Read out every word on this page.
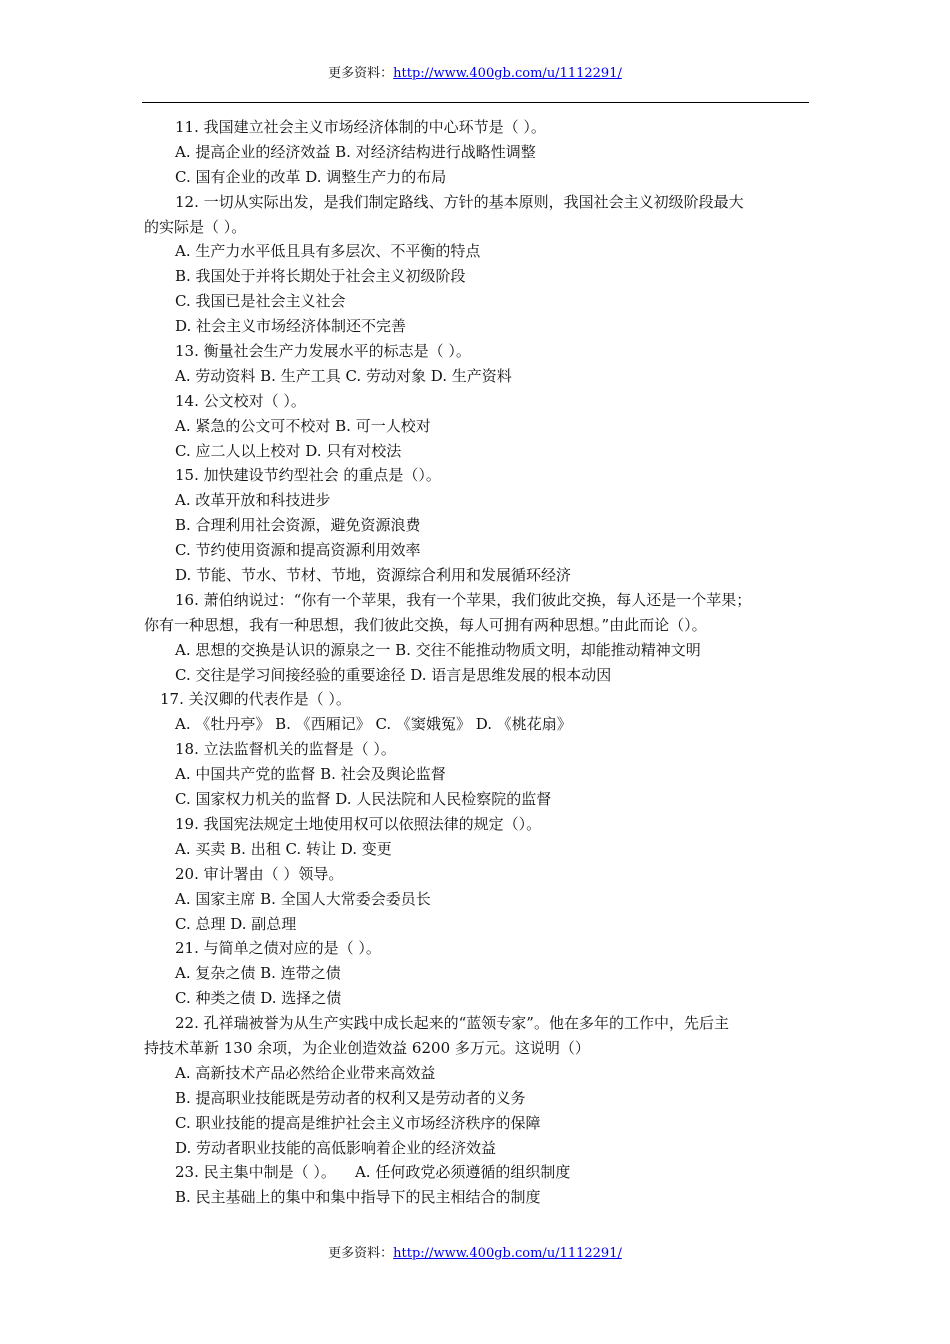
更多资料：http://www.400gb.com/u/1112291/
11. 我国建立社会主义市场经济体制的中心环节是（ ）。
A. 提高企业的经济效益 B. 对经济结构进行战略性调整
C. 国有企业的改革 D. 调整生产力的布局
12. 一切从实际出发，是我们制定路线、方针的基本原则，我国社会主义初级阶段最大
的实际是（ ）。
A. 生产力水平低且具有多层次、不平衡的特点
B. 我国处于并将长期处于社会主义初级阶段
C. 我国已是社会主义社会
D. 社会主义市场经济体制还不完善
13. 衡量社会生产力发展水平的标志是（ ）。
A. 劳动资料 B. 生产工具 C. 劳动对象 D. 生产资料
14. 公文校对（ ）。
A. 紧急的公文可不校对 B. 可一人校对
C. 应二人以上校对 D. 只有对校法
15. 加快建设节约型社会 的重点是（）。
A. 改革开放和科技进步
B. 合理利用社会资源，避免资源浪费
C. 节约使用资源和提高资源利用效率
D. 节能、节水、节材、节地，资源综合利用和发展循环经济
16. 萧伯纳说过：“你有一个苹果，我有一个苹果，我们彼此交换，每人还是一个苹果；
你有一种思想，我有一种思想，我们彼此交换，每人可拥有两种思想。”由此而论（）。
A. 思想的交换是认识的源泉之一 B. 交往不能推动物质文明，却能推动精神文明
C. 交往是学习间接经验的重要途径 D. 语言是思维发展的根本动因
17. 关汉卿的代表作是（ ）。
A. 《牡丹亭》 B. 《西厢记》 C. 《窦娥冤》 D. 《桃花扇》
18. 立法监督机关的监督是（ ）。
A. 中国共产党的监督 B. 社会及舆论监督
C. 国家权力机关的监督 D. 人民法院和人民检察院的监督
19. 我国宪法规定土地使用权可以依照法律的规定（）。
A. 买卖 B. 出租 C. 转让 D. 变更
20. 审计署由（ ）领导。
A. 国家主席 B. 全国人大常委会委员长
C. 总理 D. 副总理
21. 与简单之债对应的是（ ）。
A. 复杂之债 B. 连带之债
C. 种类之债 D. 选择之债
22. 孔祥瑞被誉为从生产实践中成长起来的“蓝领专家”。他在多年的工作中，先后主
持技术革新 130 余项，为企业创造效益 6200 多万元。这说明（）
A. 高新技术产品必然给企业带来高效益
B. 提高职业技能既是劳动者的权利又是劳动者的义务
C. 职业技能的提高是维护社会主义市场经济秩序的保障
D. 劳动者职业技能的高低影响着企业的经济效益
23. 民主集中制是（ ）。    A. 任何政党必须遵循的组织制度
B. 民主基础上的集中和集中指导下的民主相结合的制度
更多资料：http://www.400gb.com/u/1112291/
